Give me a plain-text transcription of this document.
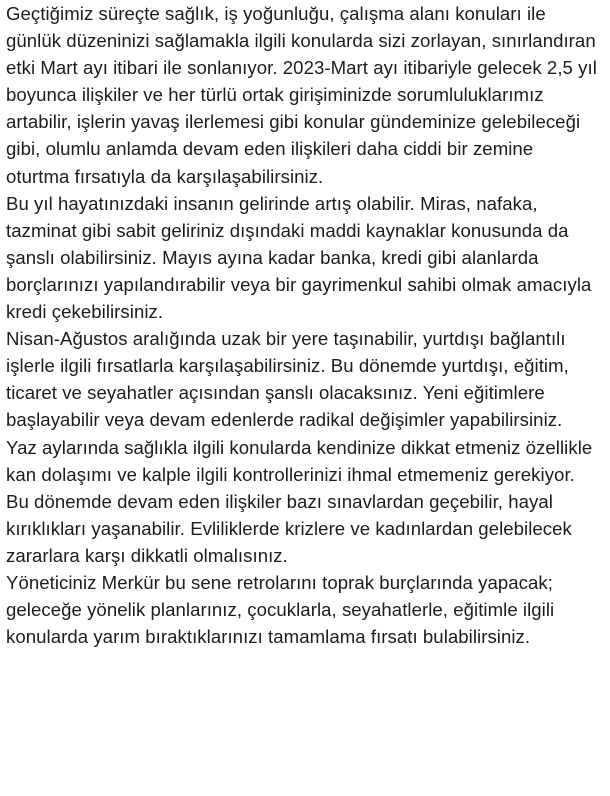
Geçtiğimiz süreçte sağlık, iş yoğunluğu, çalışma alanı konuları ile günlük düzeninizi sağlamakla ilgili konularda sizi zorlayan, sınırlandıran etki Mart ayı itibari ile sonlanıyor. 2023-Mart ayı itibariyle gelecek 2,5 yıl boyunca ilişkiler ve her türlü ortak girişiminizde sorumluluklarımız artabilir, işlerin yavaş ilerlemesi gibi konular gündeminize gelebileceği gibi, olumlu anlamda devam eden ilişkileri daha ciddi bir zemine oturtma fırsatıyla da karşılaşabilirsiniz.

Bu yıl hayatınızdaki insanın gelirinde artış olabilir. Miras, nafaka, tazminat gibi sabit geliriniz dışındaki maddi kaynaklar konusunda da şanslı olabilirsiniz. Mayıs ayına kadar banka, kredi gibi alanlarda borçlarınızı yapılandırabilir veya bir gayrimenkul sahibi olmak amacıyla kredi çekebilirsiniz.

Nisan-Ağustos aralığında uzak bir yere taşınabilir, yurtdışı bağlantılı işlerle ilgili fırsatlarla karşılaşabilirsiniz. Bu dönemde yurtdışı, eğitim, ticaret ve seyahatler açısından şanslı olacaksınız. Yeni eğitimlere başlayabilir veya devam edenlerde radikal değişimler yapabilirsiniz.

Yaz aylarında sağlıkla ilgili konularda kendinize dikkat etmeniz özellikle kan dolaşımı ve kalple ilgili kontrollerinizi ihmal etmemeniz gerekiyor.

Bu dönemde devam eden ilişkiler bazı sınavlardan geçebilir, hayal kırıklıkları yaşanabilir. Evliliklerde krizlere ve kadınlardan gelebilecek zararlara karşı dikkatli olmalısınız.

Yöneticiniz Merkür bu sene retrolarını toprak burçlarında yapacak; geleceğe yönelik planlarınız, çocuklarla, seyahatlerle, eğitimle ilgili konularda yarım bıraktıklarınızı tamamlama fırsatı bulabilirsiniz.
